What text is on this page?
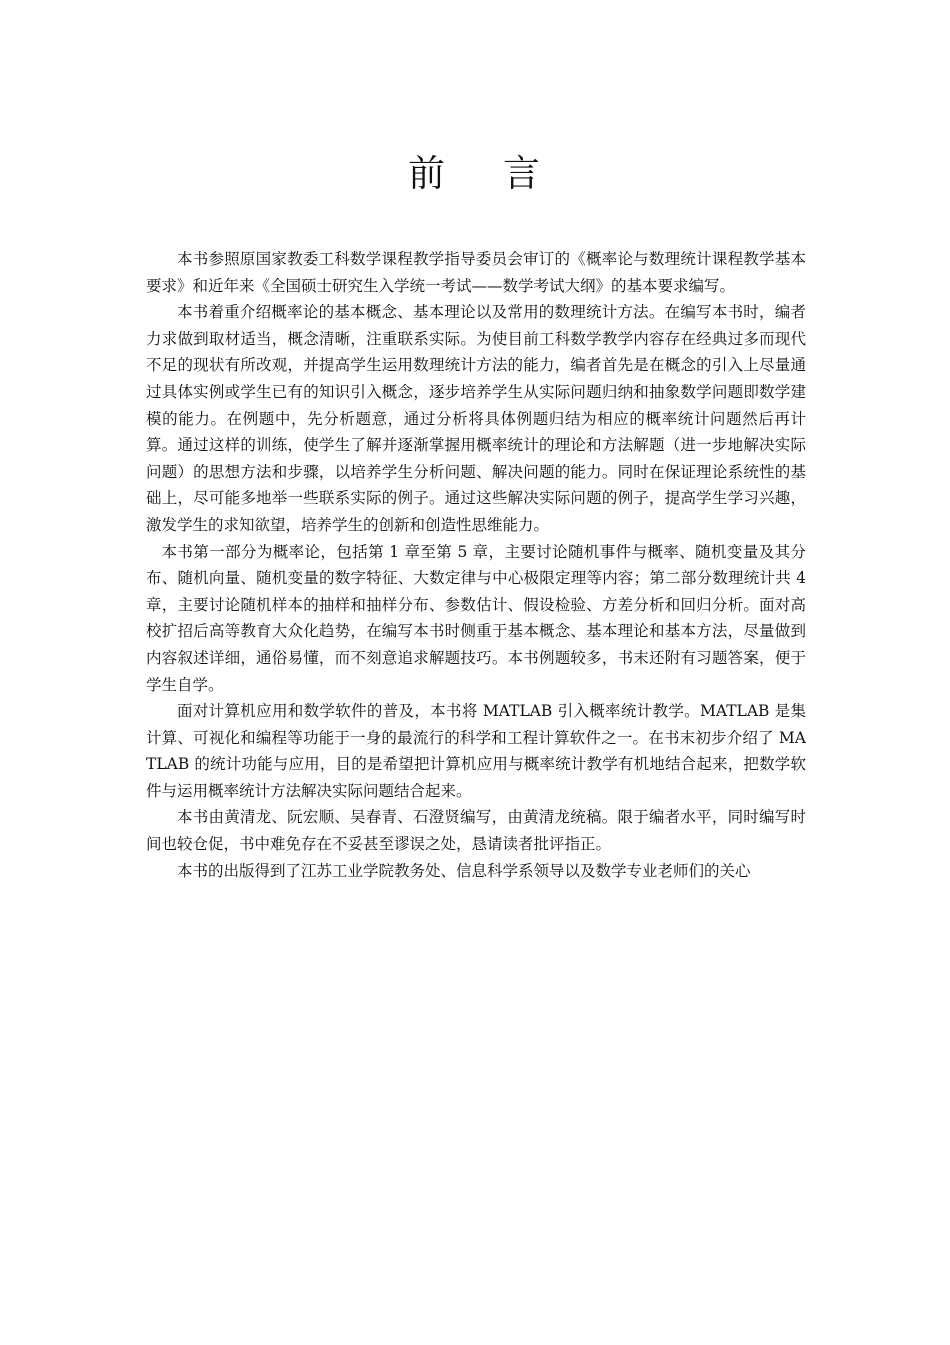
前 言

本书参照原国家教委工科数学课程教学指导委员会审订的《概率论与数理统计课程教学基本要求》和近年来《全国硕士研究生入学统一考试——数学考试大纲》的基本要求编写。

本书着重介绍概率论的基本概念、基本理论以及常用的数理统计方法。在编写本书时，编者力求做到取材适当，概念清晰，注重联系实际。为使目前工科数学教学内容存在经典过多而现代不足的现状有所改观，并提高学生运用数理统计方法的能力，编者首先是在概念的引入上尽量通过具体实例或学生已有的知识引入概念，逐步培养学生从实际问题归纳和抽象数学问题即数学建模的能力。在例题中，先分析题意，通过分析将具体例题归结为相应的概率统计问题然后再计算。通过这样的训练，使学生了解并逐渐掌握用概率统计的理论和方法解题（进一步地解决实际问题）的思想方法和步骤，以培养学生分析问题、解决问题的能力。同时在保证理论系统性的基础上，尽可能多地举一些联系实际的例子。通过这些解决实际问题的例子，提高学生学习兴趣，激发学生的求知欲望，培养学生的创新和创造性思维能力。

本书第一部分为概率论，包括第 1 章至第 5 章，主要讨论随机事件与概率、随机变量及其分布、随机向量、随机变量的数字特征、大数定律与中心极限定理等内容；第二部分数理统计共 4 章，主要讨论随机样本的抽样和抽样分布、参数估计、假设检验、方差分析和回归分析。面对高校扩招后高等教育大众化趋势，在编写本书时侧重于基本概念、基本理论和基本方法，尽量做到内容叙述详细，通俗易懂，而不刻意追求解题技巧。本书例题较多，书末还附有习题答案，便于学生自学。

面对计算机应用和数学软件的普及，本书将 MATLAB 引入概率统计教学。MATLAB 是集计算、可视化和编程等功能于一身的最流行的科学和工程计算软件之一。在书末初步介绍了 MATLAB 的统计功能与应用，目的是希望把计算机应用与概率统计教学有机地结合起来，把数学软件与运用概率统计方法解决实际问题结合起来。

本书由黄清龙、阮宏顺、吴春青、石澄贤编写，由黄清龙统稿。限于编者水平，同时编写时间也较仓促，书中难免存在不妥甚至谬误之处，恳请读者批评指正。

本书的出版得到了江苏工业学院教务处、信息科学系领导以及数学专业老师们的关心
